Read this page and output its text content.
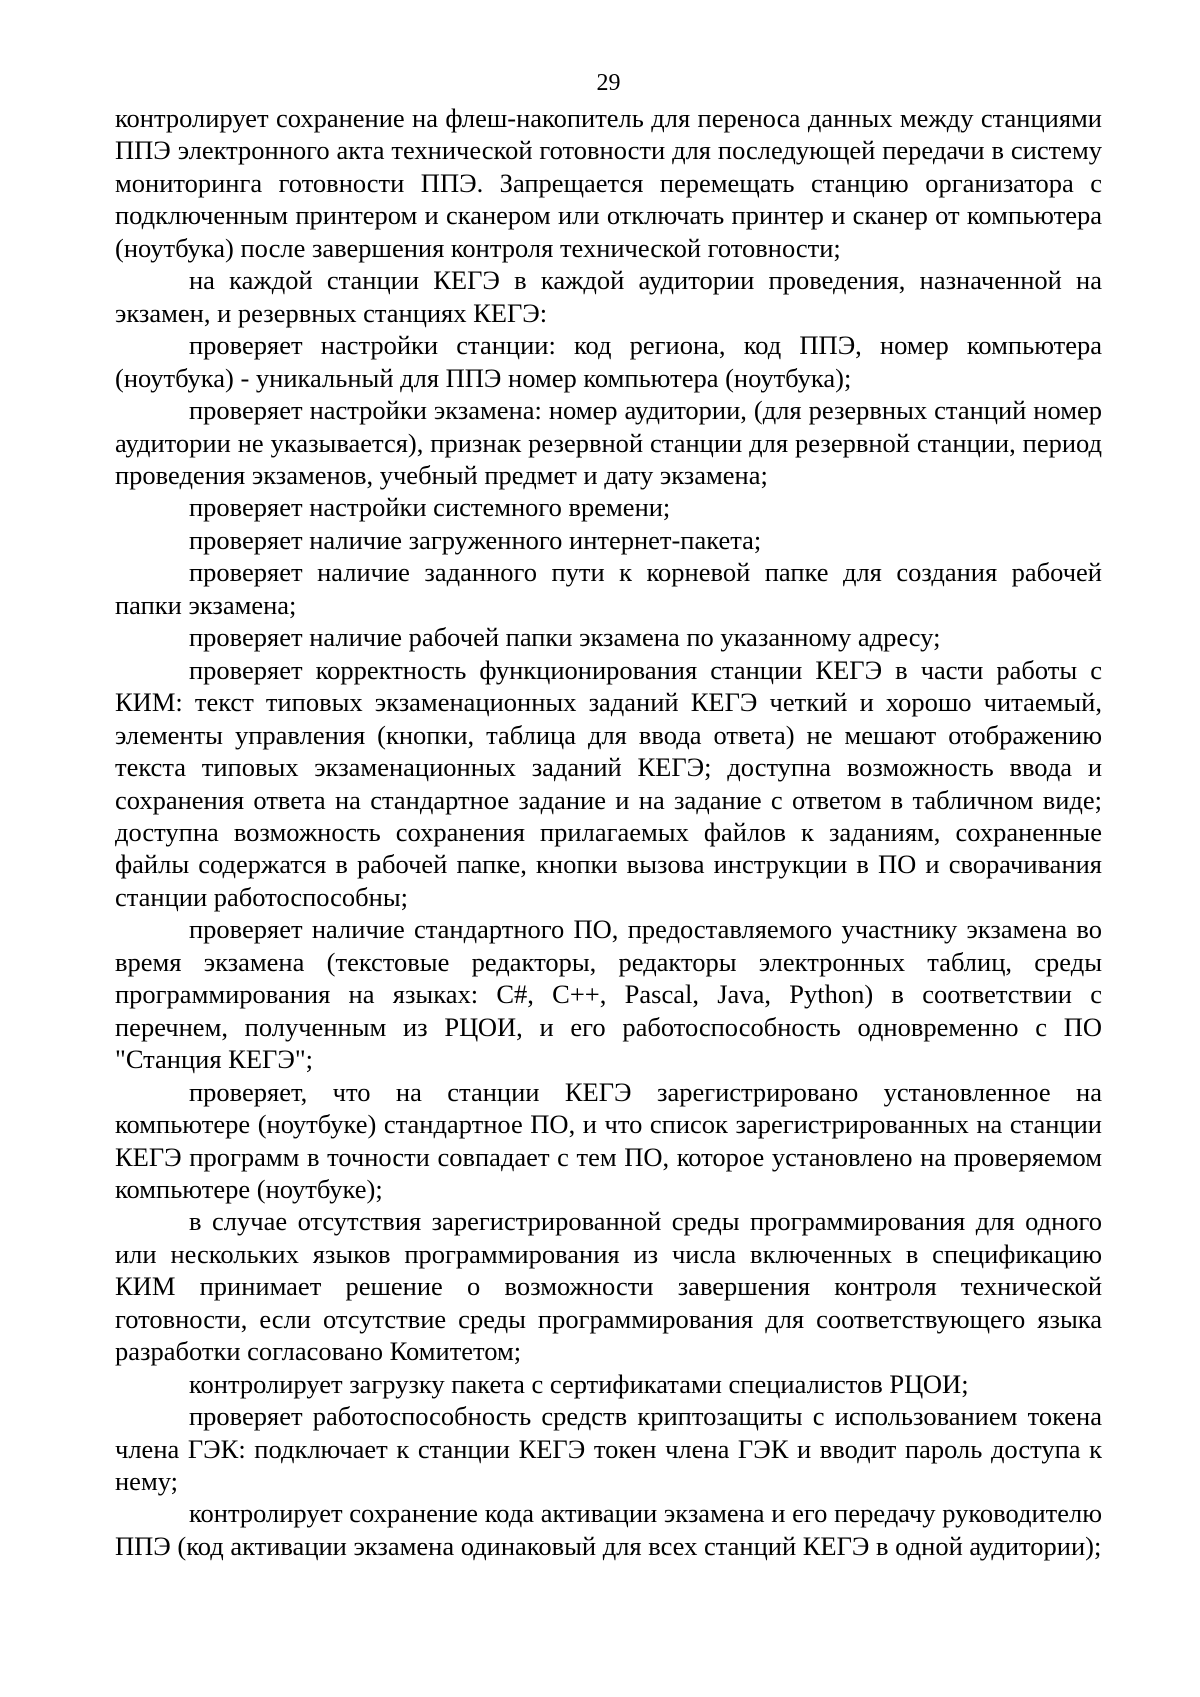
29

контролирует сохранение на флеш-накопитель для переноса данных между станциями ППЭ электронного акта технической готовности для последующей передачи в систему мониторинга готовности ППЭ. Запрещается перемещать станцию организатора с подключенным принтером и сканером или отключать принтер и сканер от компьютера (ноутбука) после завершения контроля технической готовности;

на каждой станции КЕГЭ в каждой аудитории проведения, назначенной на экзамен, и резервных станциях КЕГЭ:

проверяет настройки станции: код региона, код ППЭ, номер компьютера (ноутбука) - уникальный для ППЭ номер компьютера (ноутбука);

проверяет настройки экзамена: номер аудитории, (для резервных станций номер аудитории не указывается), признак резервной станции для резервной станции, период проведения экзаменов, учебный предмет и дату экзамена;

проверяет настройки системного времени;

проверяет наличие загруженного интернет-пакета;

проверяет наличие заданного пути к корневой папке для создания рабочей папки экзамена;

проверяет наличие рабочей папки экзамена по указанному адресу;

проверяет корректность функционирования станции КЕГЭ в части работы с КИМ: текст типовых экзаменационных заданий КЕГЭ четкий и хорошо читаемый, элементы управления (кнопки, таблица для ввода ответа) не мешают отображению текста типовых экзаменационных заданий КЕГЭ; доступна возможность ввода и сохранения ответа на стандартное задание и на задание с ответом в табличном виде; доступна возможность сохранения прилагаемых файлов к заданиям, сохраненные файлы содержатся в рабочей папке, кнопки вызова инструкции в ПО и сворачивания станции работоспособны;

проверяет наличие стандартного ПО, предоставляемого участнику экзамена во время экзамена (текстовые редакторы, редакторы электронных таблиц, среды программирования на языках: C#, C++, Pascal, Java, Python) в соответствии с перечнем, полученным из РЦОИ, и его работоспособность одновременно с ПО "Станция КЕГЭ";

проверяет, что на станции КЕГЭ зарегистрировано установленное на компьютере (ноутбуке) стандартное ПО, и что список зарегистрированных на станции КЕГЭ программ в точности совпадает с тем ПО, которое установлено на проверяемом компьютере (ноутбуке);

в случае отсутствия зарегистрированной среды программирования для одного или нескольких языков программирования из числа включенных в спецификацию КИМ принимает решение о возможности завершения контроля технической готовности, если отсутствие среды программирования для соответствующего языка разработки согласовано Комитетом;

контролирует загрузку пакета с сертификатами специалистов РЦОИ;

проверяет работоспособность средств криптозащиты с использованием токена члена ГЭК: подключает к станции КЕГЭ токен члена ГЭК и вводит пароль доступа к нему;

контролирует сохранение кода активации экзамена и его передачу руководителю ППЭ (код активации экзамена одинаковый для всех станций КЕГЭ в одной аудитории);
